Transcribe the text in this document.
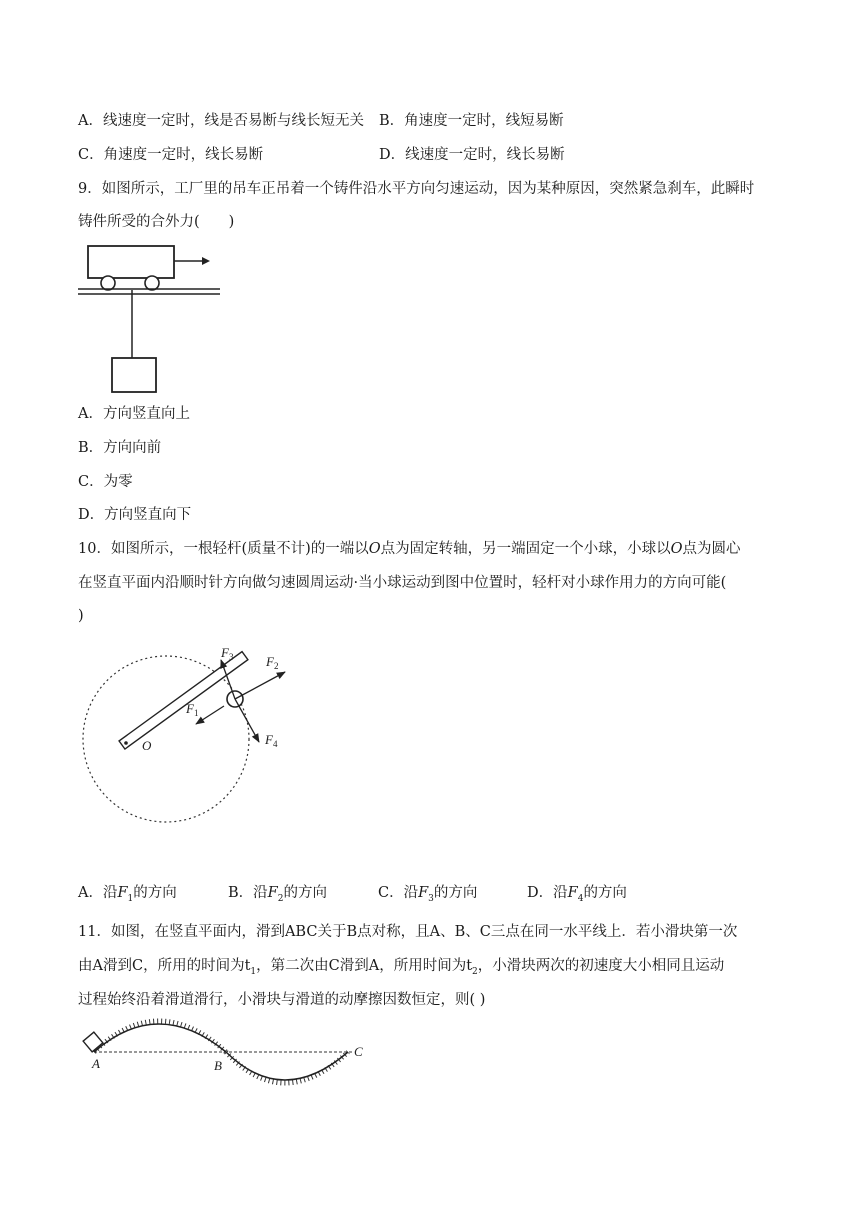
A．线速度一定时，线是否易断与线长短无关 B．角速度一定时，线短易断
C．角速度一定时，线长易断	D．线速度一定时，线长易断
9．如图所示，工厂里的吊车正吊着一个铸件沿水平方向匀速运动，因为某种原因，突然紧急刹车，此瞬时
铸件所受的合外力(　　)
A．方向竖直向上
B．方向向前
C．为零
D．方向竖直向下
10．如图所示，一根轻杆(质量不计)的一端以O点为固定转轴，另一端固定一个小球，小球以O点为圆心
在竖直平面内沿顺时针方向做匀速圆周运动·当小球运动到图中位置时，轻杆对小球作用力的方向可能(
)
O
$F_1$
$F_2$
$F_3$
$F_4$
A．沿$F_1$的方向	B．沿$F_2$的方向	C．沿$F_3$的方向	D．沿$F_4$的方向
11．如图，在竖直平面内，滑到ABC关于B点对称，且A、B、C三点在同一水平线上．若小滑块第一次
由A滑到C，所用的时间为$t_1$，第二次由C滑到A，所用时间为$t_2$，小滑块两次的初速度大小相同且运动
过程始终沿着滑道滑行，小滑块与滑道的动摩擦因数恒定，则( )
A	B
C
